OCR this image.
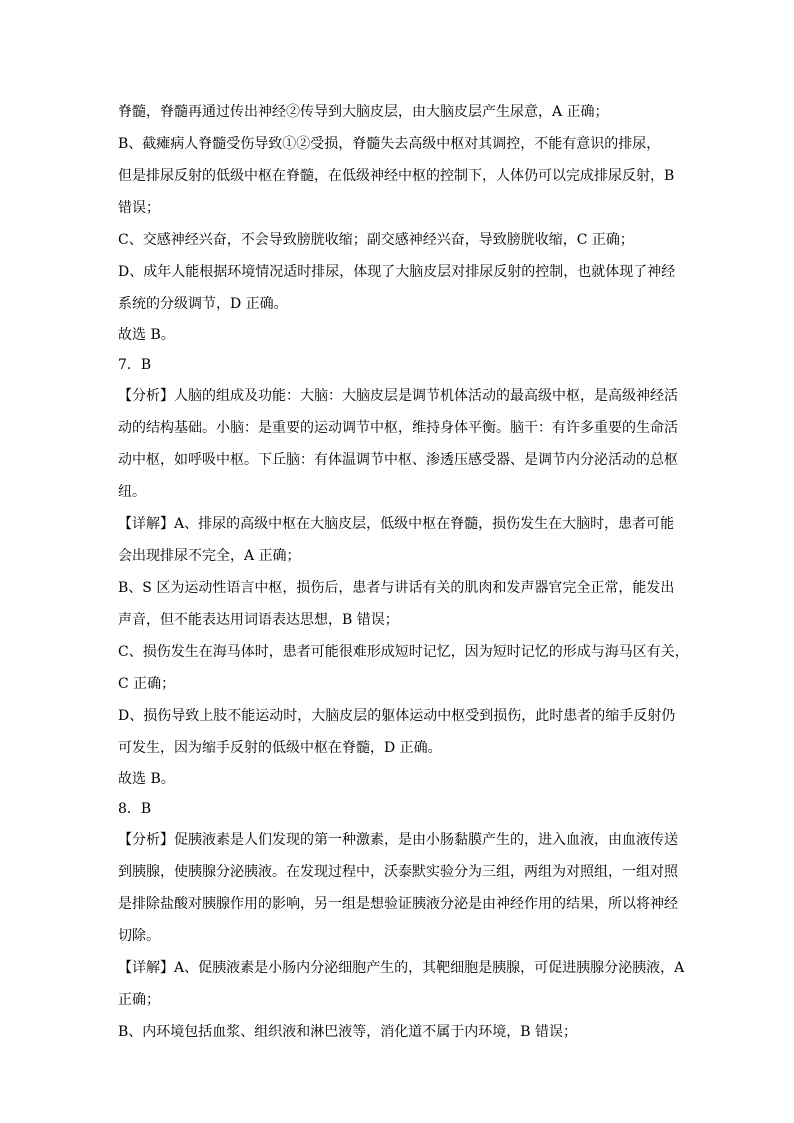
脊髓，脊髓再通过传出神经②传导到大脑皮层，由大脑皮层产生尿意，A 正确；
B、截瘫病人脊髓受伤导致①②受损，脊髓失去高级中枢对其调控，不能有意识的排尿，
但是排尿反射的低级中枢在脊髓，在低级神经中枢的控制下，人体仍可以完成排尿反射，B
错误；
C、交感神经兴奋，不会导致膀胱收缩；副交感神经兴奋，导致膀胱收缩，C 正确；
D、成年人能根据环境情况适时排尿，体现了大脑皮层对排尿反射的控制，也就体现了神经
系统的分级调节，D 正确。
故选 B。
7．B
【分析】人脑的组成及功能：大脑：大脑皮层是调节机体活动的最高级中枢，是高级神经活
动的结构基础。小脑：是重要的运动调节中枢，维持身体平衡。脑干：有许多重要的生命活
动中枢，如呼吸中枢。下丘脑：有体温调节中枢、渗透压感受器、是调节内分泌活动的总枢
纽。
【详解】A、排尿的高级中枢在大脑皮层，低级中枢在脊髓，损伤发生在大脑时，患者可能
会出现排尿不完全，A 正确；
B、S 区为运动性语言中枢，损伤后，患者与讲话有关的肌肉和发声器官完全正常，能发出
声音，但不能表达用词语表达思想，B 错误；
C、损伤发生在海马体时，患者可能很难形成短时记忆，因为短时记忆的形成与海马区有关，
C 正确；
D、损伤导致上肢不能运动时，大脑皮层的躯体运动中枢受到损伤，此时患者的缩手反射仍
可发生，因为缩手反射的低级中枢在脊髓，D 正确。
故选 B。
8．B
【分析】促胰液素是人们发现的第一种激素，是由小肠黏膜产生的，进入血液，由血液传送
到胰腺，使胰腺分泌胰液。在发现过程中，沃泰默实验分为三组，两组为对照组，一组对照
是排除盐酸对胰腺作用的影响，另一组是想验证胰液分泌是由神经作用的结果，所以将神经
切除。
【详解】A、促胰液素是小肠内分泌细胞产生的，其靶细胞是胰腺，可促进胰腺分泌胰液，A
正确；
B、内环境包括血浆、组织液和淋巴液等，消化道不属于内环境，B 错误；
